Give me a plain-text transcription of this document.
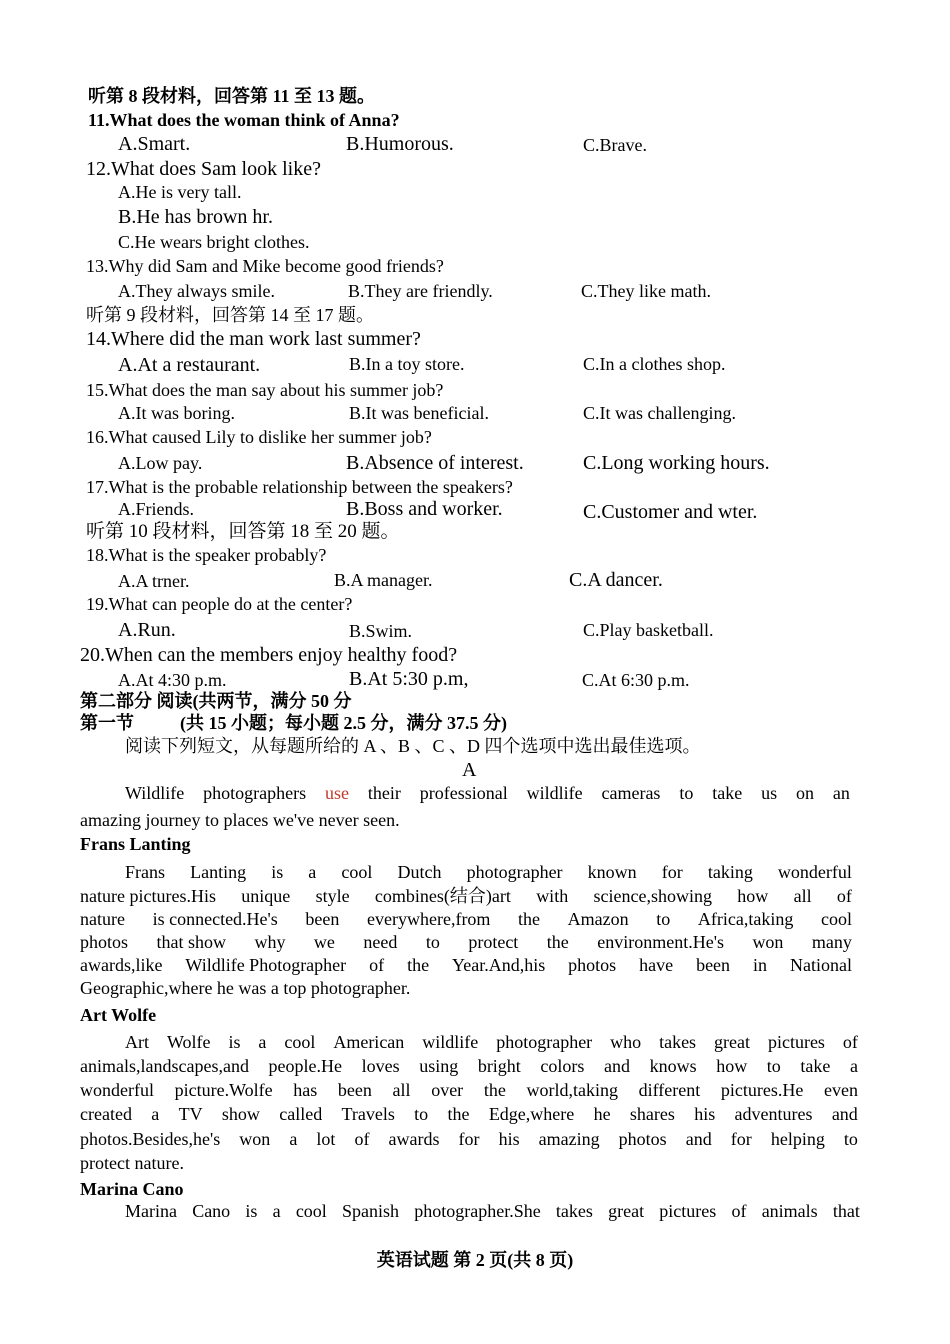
听第 8 段材料，回答第 11 至 13 题。
11.What does the woman think of Anna?
A.Smart.	B.Humorous.	C.Brave.
12.What does Sam look like?
A.He is very tall.
B.He has brown hr.
C.He wears bright clothes.
13.Why did Sam and Mike become good friends?
A.They always smile.	B.They are friendly.	C.They like math.
听第 9 段材料，回答第 14 至 17 题。
14.Where did the man work last summer?
A.At a restaurant.	B.In a toy store.	C.In a clothes shop.
15.What does the man say about his summer job?
A.It was boring.	B.It was beneficial.	C.It was challenging.
16.What caused Lily to dislike her summer job?
A.Low pay.	B.Absence of interest.	C.Long working hours.
17.What is the probable relationship between the speakers?
A.Friends.	B.Boss and worker.	C.Customer and wter.
听第 10 段材料，回答第 18 至 20 题。
18.What is the speaker probably?
A.A trner.	B.A manager.	C.A dancer.
19.What can people do at the center?
A.Run.	B.Swim.	C.Play basketball.
20.When can the members enjoy healthy food?
A.At 4:30 p.m.	B.At 5:30 p.m,	C.At 6:30 p.m.
第二部分 阅读(共两节，满分 50 分
第一节	(共 15 小题；每小题 2.5 分，满分 37.5 分)
阅读下列短文，从每题所给的 A 、B 、C 、D 四个选项中选出最佳选项。
A
Wildlife photographers use their professional wildlife cameras to take us on an
amazing journey to places we've never seen.
Frans Lanting
Frans Lanting is a cool Dutch photographer known for taking wonderful
nature pictures.His unique style combines(结合)art with science,showing how all of
nature is connected.He's been everywhere,from the Amazon to Africa,taking cool
photos that show why we need to protect the environment.He's won many
awards,like Wildlife Photographer of the Year.And,his photos have been in National
Geographic,where he was a top photographer.
Art Wolfe
Art Wolfe is a cool American wildlife photographer who takes great pictures of
animals,landscapes,and people.He loves using bright colors and knows how to take a
wonderful picture.Wolfe has been all over the world,taking different pictures.He even
created a TV show called Travels to the Edge,where he shares his adventures and
photos.Besides,he's won a lot of awards for his amazing photos and for helping to
protect nature.
Marina Cano
Marina Cano is a cool Spanish photographer.She takes great pictures of animals that
英语试题 第 2 页(共 8 页)
